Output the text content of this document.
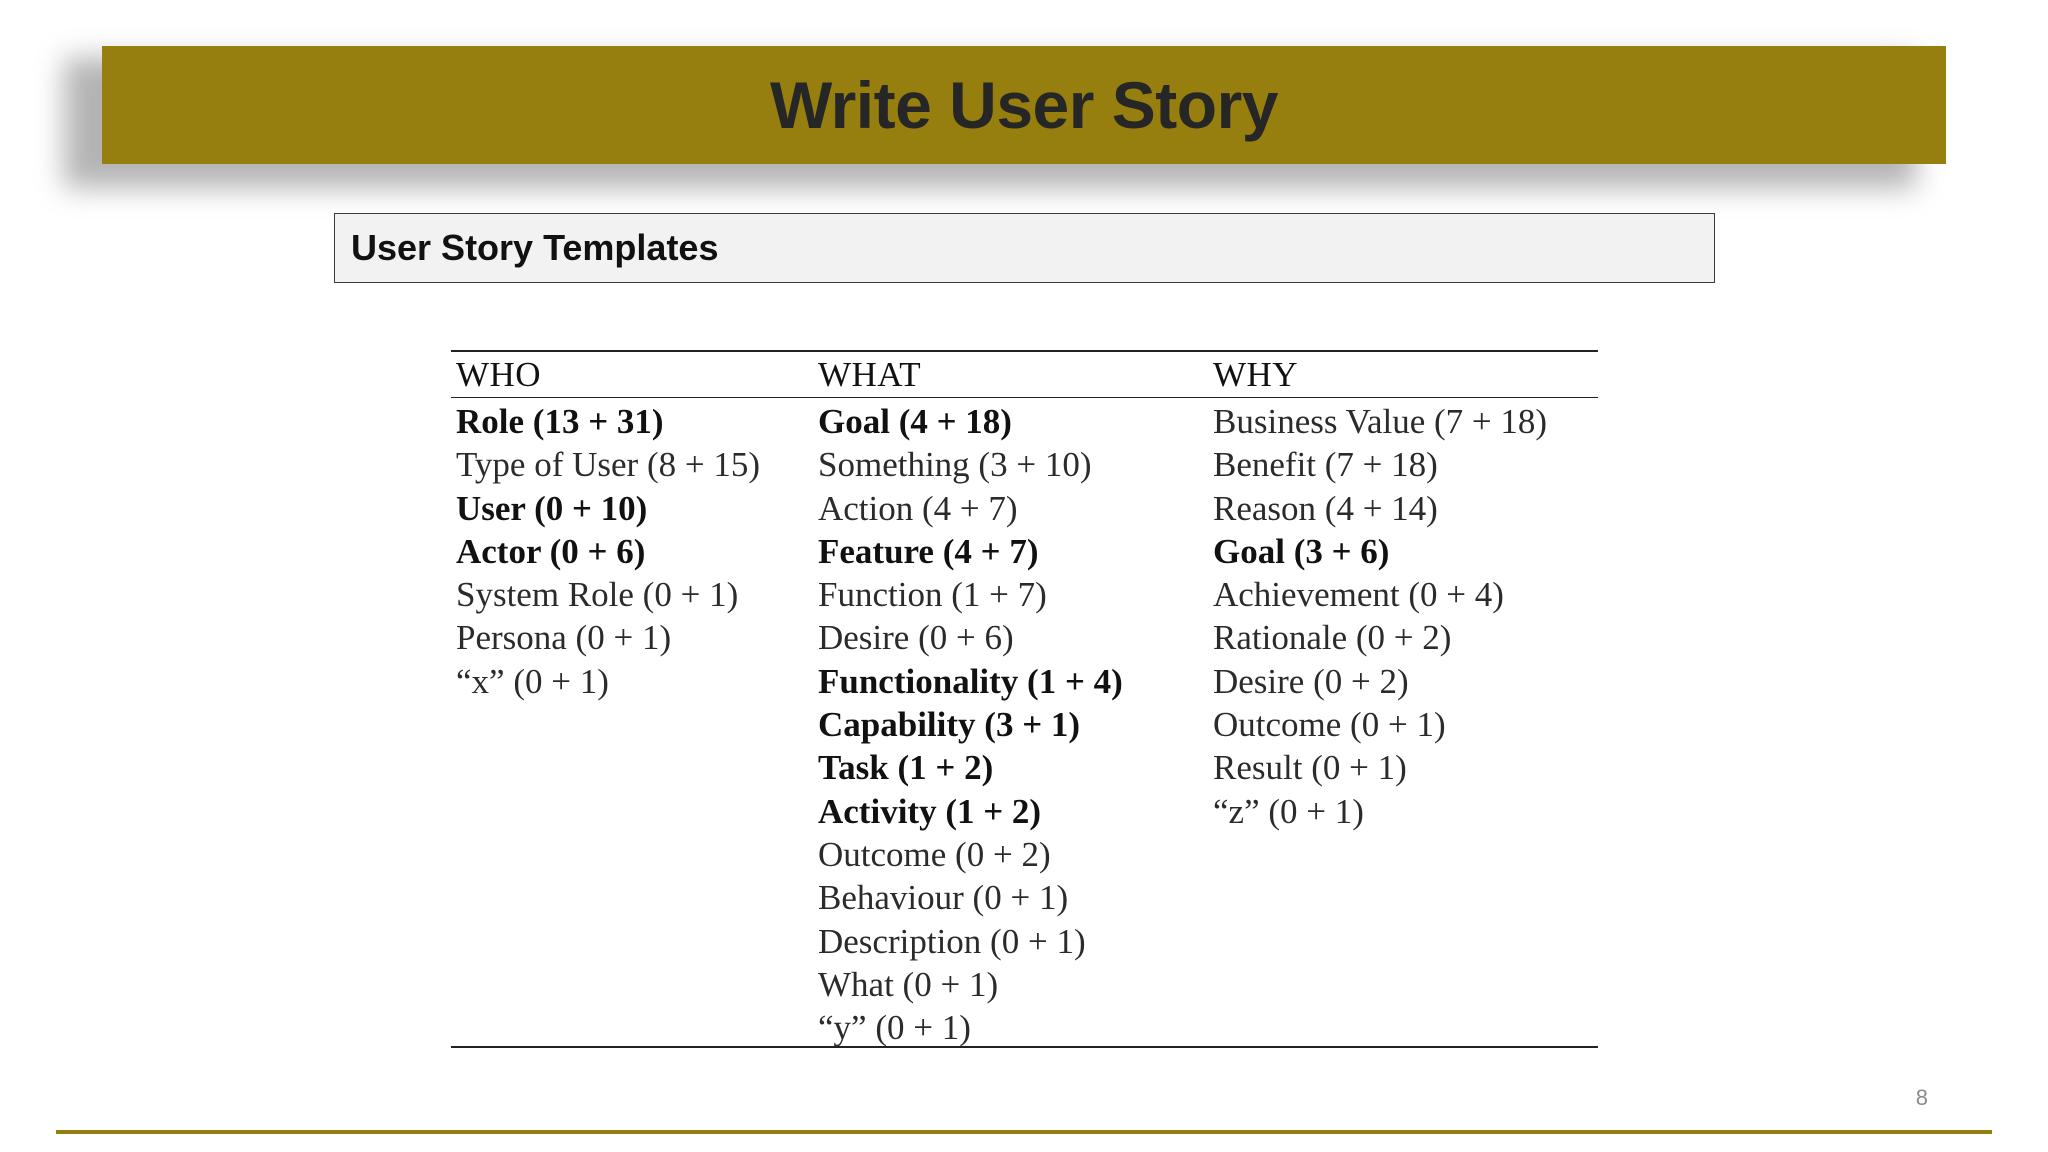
Write User Story
User Story Templates
WHO
Role (13 + 31)
Type of User (8 + 15)
User (0 + 10)
Actor (0 + 6)
System Role (0 + 1)
Persona (0 + 1)
“x” (0 + 1)
WHAT
Goal (4 + 18)
Something (3 + 10)
Action (4 + 7)
Feature (4 + 7)
Function (1 + 7)
Desire (0 + 6)
Functionality (1 + 4)
Capability (3 + 1)
Task (1 + 2)
Activity (1 + 2)
Outcome (0 + 2)
Behaviour (0 + 1)
Description (0 + 1)
What (0 + 1)
“y” (0 + 1)
WHY
Business Value (7 + 18)
Benefit (7 + 18)
Reason (4 + 14)
Goal (3 + 6)
Achievement (0 + 4)
Rationale (0 + 2)
Desire (0 + 2)
Outcome (0 + 1)
Result (0 + 1)
“z” (0 + 1)
8
